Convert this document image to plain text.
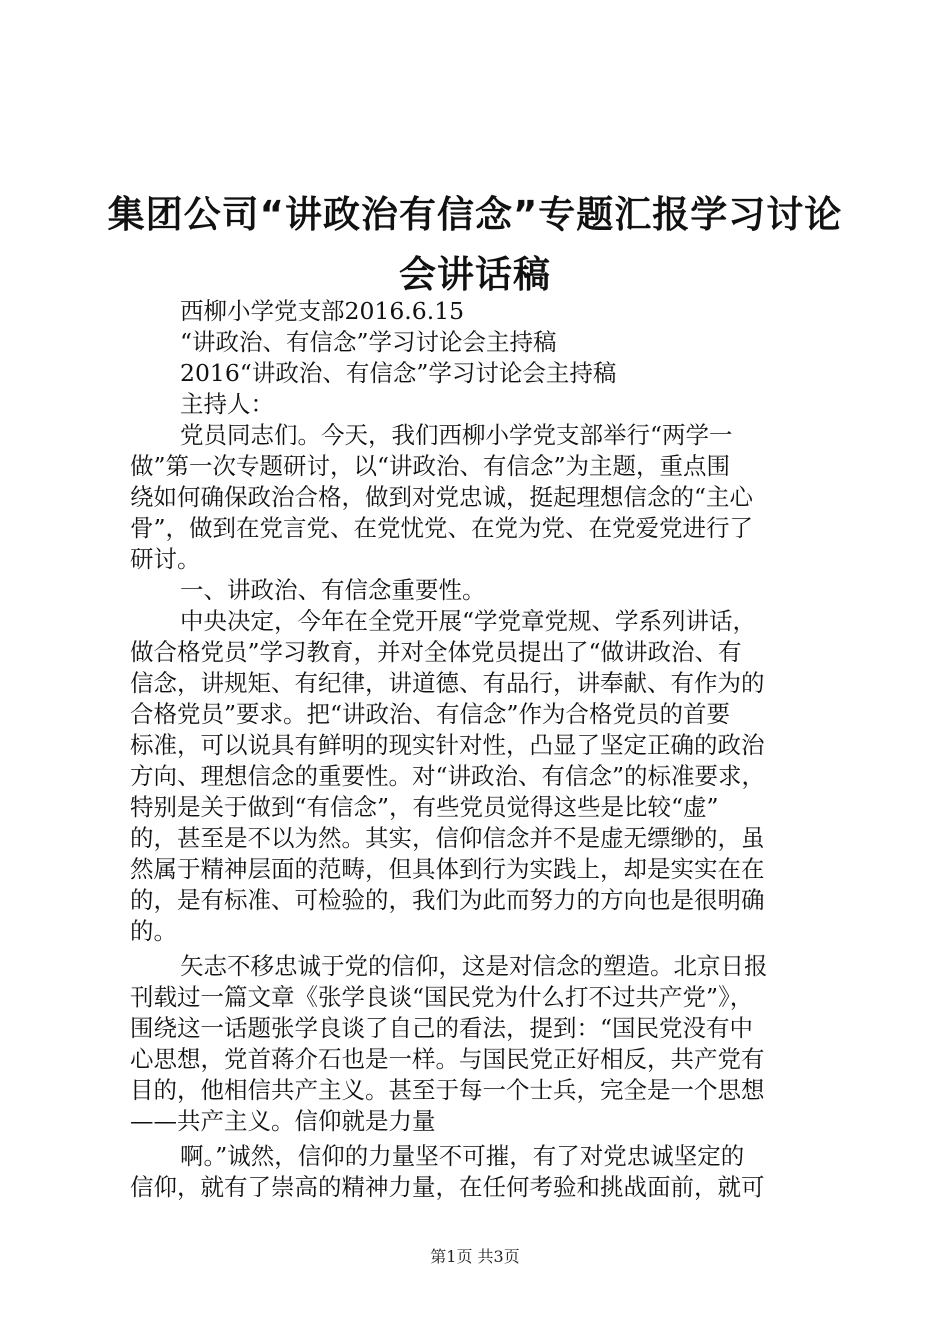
集团公司“讲政治有信念”专题汇报学习讨论
会讲话稿
西柳小学党支部2016.6.15
“讲政治、有信念”学习讨论会主持稿
2016“讲政治、有信念”学习讨论会主持稿
主持人：
党员同志们。今天，我们西柳小学党支部举行“两学一
做”第一次专题研讨，以“讲政治、有信念”为主题，重点围
绕如何确保政治合格，做到对党忠诚，挺起理想信念的“主心
骨”，做到在党言党、在党忧党、在党为党、在党爱党进行了
研讨。
一、讲政治、有信念重要性。
中央决定，今年在全党开展“学党章党规、学系列讲话，
做合格党员”学习教育，并对全体党员提出了“做讲政治、有
信念，讲规矩、有纪律，讲道德、有品行，讲奉献、有作为的
合格党员”要求。把“讲政治、有信念”作为合格党员的首要
标准，可以说具有鲜明的现实针对性，凸显了坚定正确的政治
方向、理想信念的重要性。对“讲政治、有信念”的标准要求，
特别是关于做到“有信念”，有些党员觉得这些是比较“虚”
的，甚至是不以为然。其实，信仰信念并不是虚无缥缈的，虽
然属于精神层面的范畴，但具体到行为实践上，却是实实在在
的，是有标准、可检验的，我们为此而努力的方向也是很明确
的。
矢志不移忠诚于党的信仰，这是对信念的塑造。北京日报
刊载过一篇文章《张学良谈“国民党为什么打不过共产党”》，
围绕这一话题张学良谈了自己的看法，提到：“国民党没有中
心思想，党首蒋介石也是一样。与国民党正好相反，共产党有
目的，他相信共产主义。甚至于每一个士兵，完全是一个思想
——共产主义。信仰就是力量
啊。”诚然，信仰的力量坚不可摧，有了对党忠诚坚定的
信仰，就有了崇高的精神力量，在任何考验和挑战面前，就可
第1页 共3页
